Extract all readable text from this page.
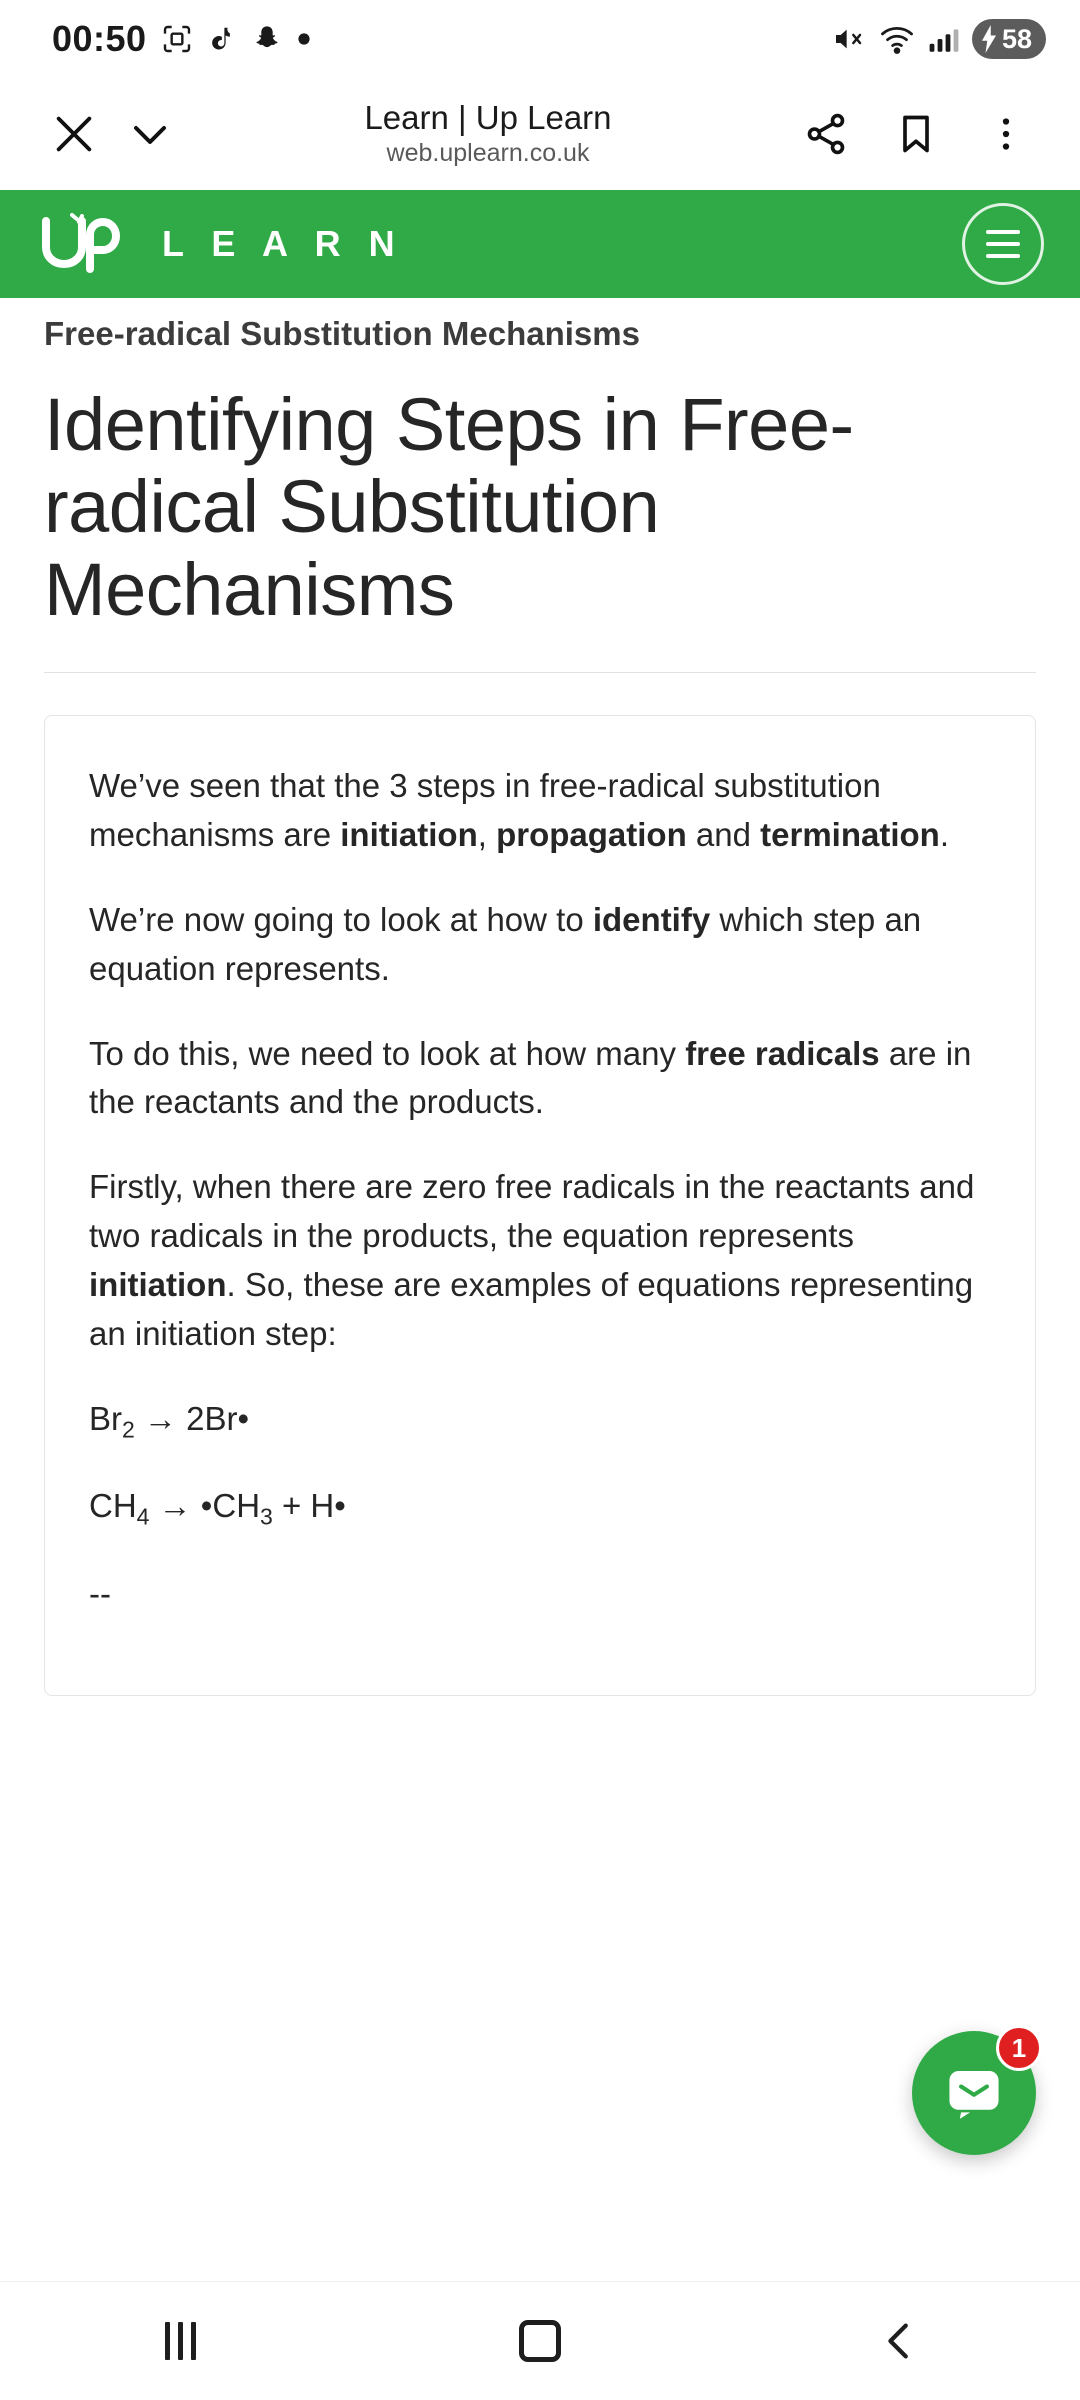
00:50	58
Learn | Up Learn
web.uplearn.co.uk
L E A R N
Free-radical Substitution Mechanisms
Identifying Steps in Free-radical Substitution Mechanisms

We’ve seen that the 3 steps in free-radical substitution mechanisms are initiation, propagation and termination.

We’re now going to look at how to identify which step an equation represents.

To do this, we need to look at how many free radicals are in the reactants and the products.

Firstly, when there are zero free radicals in the reactants and two radicals in the products, the equation represents initiation. So, these are examples of equations representing an initiation step:

$Br_2$ → 2Br•

$CH_4$ → $•CH_3$ + H•

--

1
